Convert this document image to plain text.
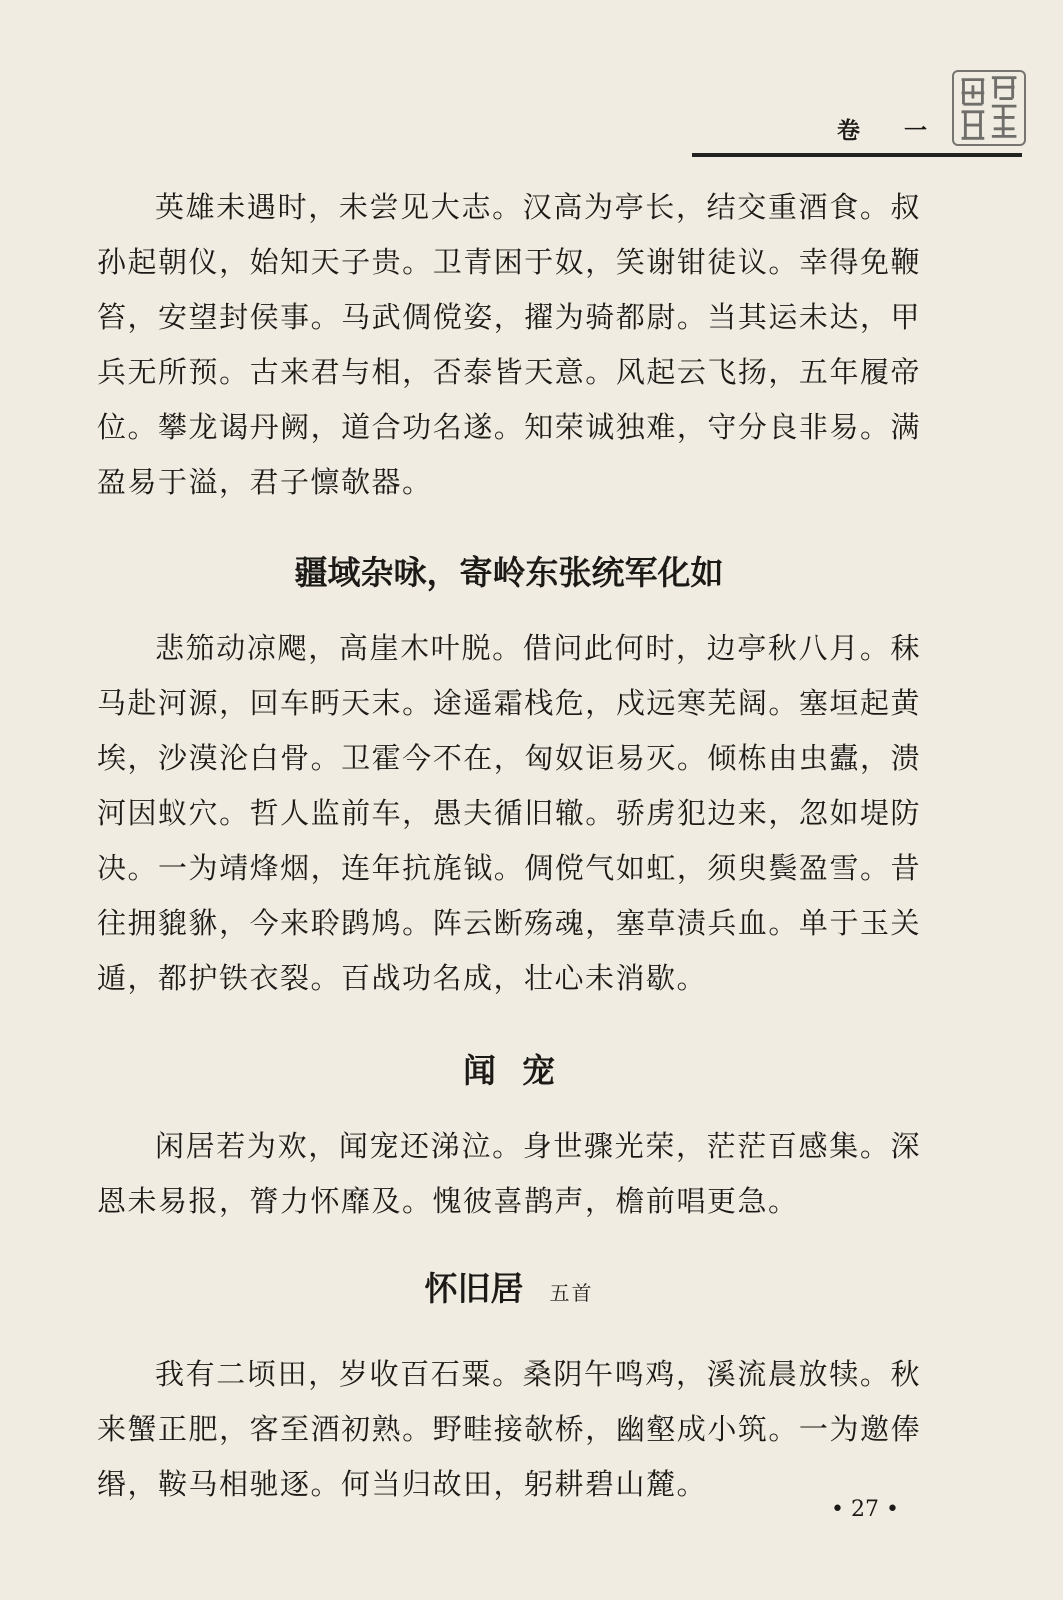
卷 一

英雄未遇时，未尝见大志。汉高为亭长，结交重酒食。叔孙起朝仪，始知天子贵。卫青困于奴，笑谢钳徒议。幸得免鞭笞，安望封侯事。马武倜傥姿，擢为骑都尉。当其运未达，甲兵无所预。古来君与相，否泰皆天意。风起云飞扬，五年履帝位。攀龙谒丹阙，道合功名遂。知荣诚独难，守分良非易。满盈易于溢，君子懔欹器。

疆域杂咏，寄岭东张统军化如

悲笳动凉飔，高崖木叶脱。借问此何时，边亭秋八月。秣马赴河源，回车眄天末。途遥霜栈危，戍远寒芜阔。塞垣起黄埃，沙漠沦白骨。卫霍今不在，匈奴讵易灭。倾栋由虫蠹，溃河因蚁穴。哲人监前车，愚夫循旧辙。骄虏犯边来，忽如堤防决。一为靖烽烟，连年抗旄钺。倜傥气如虹，须臾鬓盈雪。昔往拥貔貅，今来聆鹍鸠。阵云断殇魂，塞草渍兵血。单于玉关遁，都护铁衣裂。百战功名成，壮心未消歇。

闻宠

闲居若为欢，闻宠还涕泣。身世骤光荣，茫茫百感集。深恩未易报，膂力怀靡及。愧彼喜鹊声，檐前唱更急。

怀旧居 五首

我有二顷田，岁收百石粟。桑阴午鸣鸡，溪流晨放犊。秋来蟹正肥，客至酒初熟。野畦接欹桥，幽壑成小筑。一为邀俸缗，鞍马相驰逐。何当归故田，躬耕碧山麓。

• 27 •
